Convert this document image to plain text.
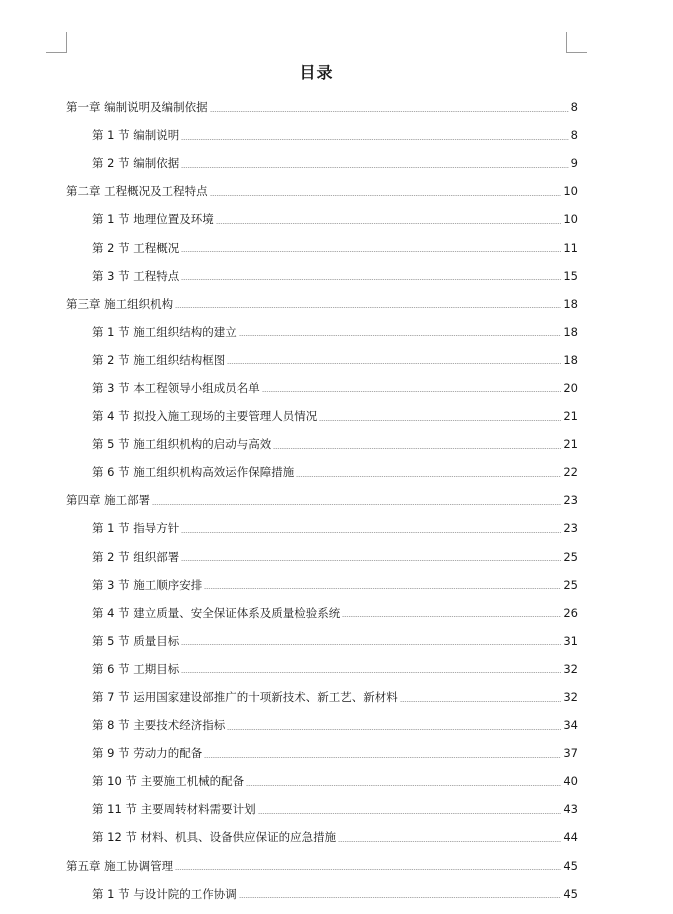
目录
第一章 编制说明及编制依据	8
第 1 节 编制说明	8
第 2 节 编制依据	9
第二章 工程概况及工程特点	10
第 1 节 地理位置及环境	10
第 2 节 工程概况	11
第 3 节 工程特点	15
第三章 施工组织机构	18
第 1 节 施工组织结构的建立	18
第 2 节 施工组织结构框图	18
第 3 节 本工程领导小组成员名单	20
第 4 节 拟投入施工现场的主要管理人员情况	21
第 5 节 施工组织机构的启动与高效	21
第 6 节 施工组织机构高效运作保障措施	22
第四章 施工部署	23
第 1 节 指导方针	23
第 2 节 组织部署	25
第 3 节 施工顺序安排	25
第 4 节 建立质量、安全保证体系及质量检验系统	26
第 5 节 质量目标	31
第 6 节 工期目标	32
第 7 节 运用国家建设部推广的十项新技术、新工艺、新材料	32
第 8 节 主要技术经济指标	34
第 9 节 劳动力的配备	37
第 10 节 主要施工机械的配备	40
第 11 节 主要周转材料需要计划	43
第 12 节 材料、机具、设备供应保证的应急措施	44
第五章 施工协调管理	45
第 1 节 与设计院的工作协调	45
